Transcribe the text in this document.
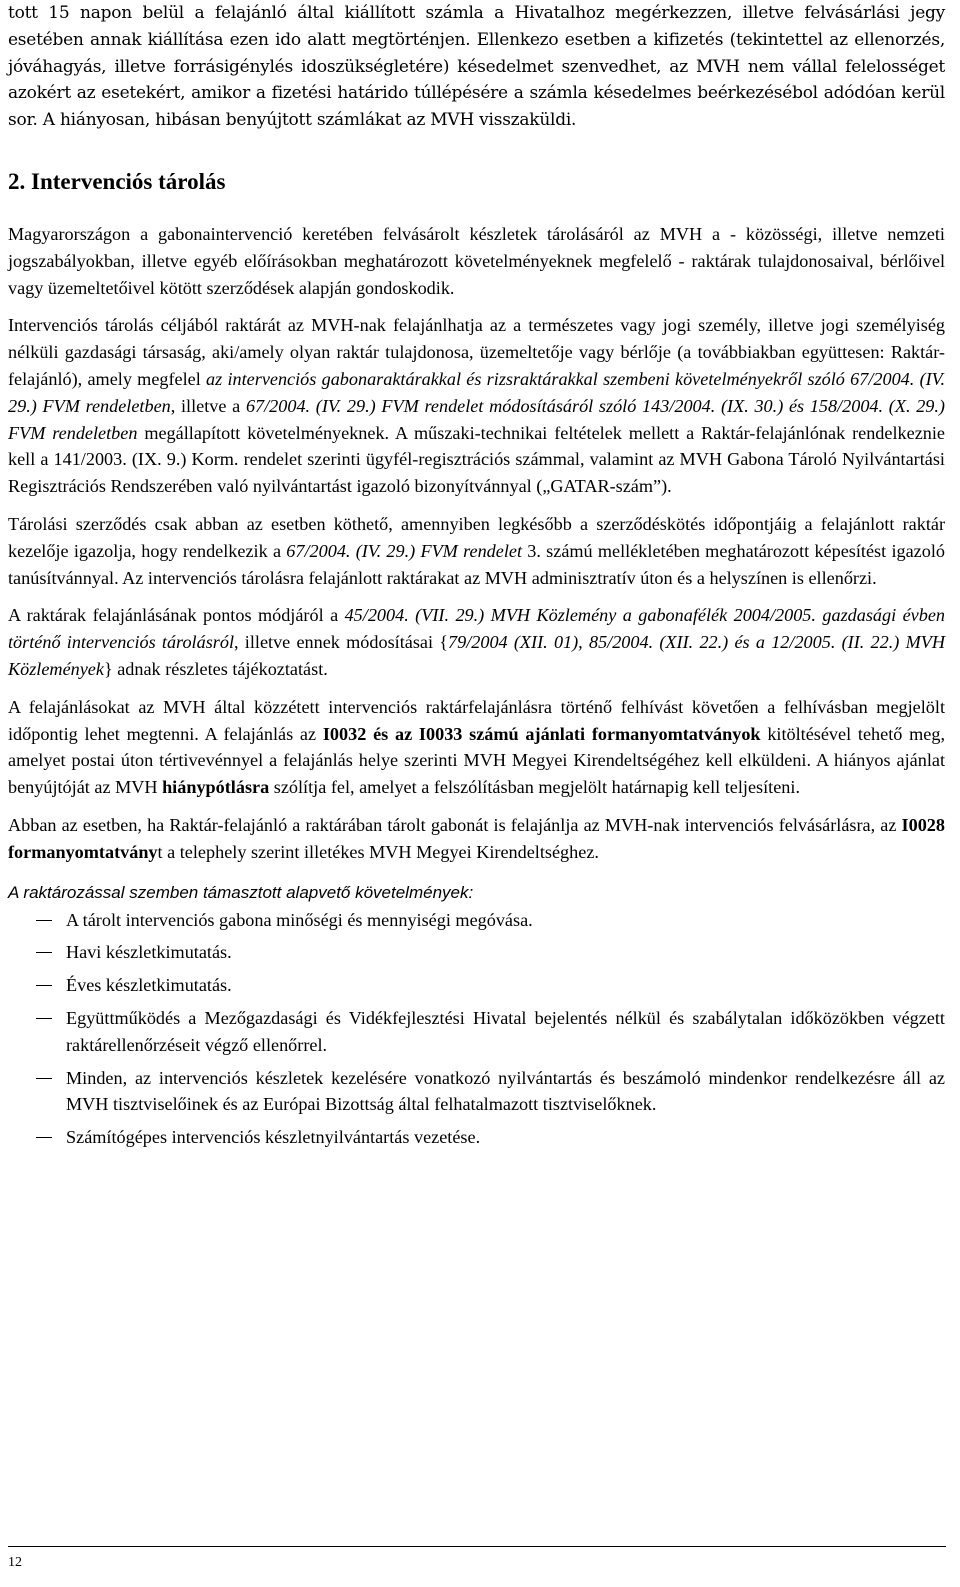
tott 15 napon belül a felajánló által kiállított számla a Hivatalhoz megérkezzen, illetve felvásárlási jegy esetében annak kiállítása ezen ido alatt megtörténjen. Ellenkezo esetben a kifizetés (tekintettel az ellenorzés, jóváhagyás, illetve forrásigénylés idoszükségletére) késedelmet szenvedhet, az MVH nem vállal felelosséget azokért az esetekért, amikor a fizetési határido túllépésére a számla késedelmes beérkezésébol adódóan kerül sor. A hiányosan, hibásan benyújtott számlákat az MVH visszaküldi.

2. Intervenciós tárolás

Magyarországon a gabonaintervenció keretében felvásárolt készletek tárolásáról az MVH a - közösségi, illetve nemzeti jogszabályokban, illetve egyéb előírásokban meghatározott követelményeknek megfelelő - raktárak tulajdonosaival, bérlőivel vagy üzemeltetőivel kötött szerződések alapján gondoskodik.

Intervenciós tárolás céljából raktárát az MVH-nak felajánlhatja az a természetes vagy jogi személy, illetve jogi személyiség nélküli gazdasági társaság, aki/amely olyan raktár tulajdonosa, üzemeltetője vagy bérlője (a továbbiakban együttesen: Raktár-felajánló), amely megfelel az intervenciós gabonaraktárakkal és rizsraktárakkal szembeni követelményekről szóló 67/2004. (IV. 29.) FVM rendeletben, illetve a 67/2004. (IV. 29.) FVM rendelet módosításáról szóló 143/2004. (IX. 30.) és 158/2004. (X. 29.) FVM rendeletben megállapított követelményeknek. A műszaki-technikai feltételek mellett a Raktár-felajánlónak rendelkeznie kell a 141/2003. (IX. 9.) Korm. rendelet szerinti ügyfél-regisztrációs számmal, valamint az MVH Gabona Tároló Nyilvántartási Regisztrációs Rendszerében való nyilvántartást igazoló bizonyítvánnyal („GATAR-szám”).

Tárolási szerződés csak abban az esetben köthető, amennyiben legkésőbb a szerződéskötés időpontjáig a felajánlott raktár kezelője igazolja, hogy rendelkezik a 67/2004. (IV. 29.) FVM rendelet 3. számú mellékletében meghatározott képesítést igazoló tanúsítvánnyal. Az intervenciós tárolásra felajánlott raktárakat az MVH adminisztratív úton és a helyszínen is ellenőrzi.

A raktárak felajánlásának pontos módjáról a 45/2004. (VII. 29.) MVH Közlemény a gabonafélék 2004/2005. gazdasági évben történő intervenciós tárolásról, illetve ennek módosításai {79/2004 (XII. 01), 85/2004. (XII. 22.) és a 12/2005. (II. 22.) MVH Közlemények} adnak részletes tájékoztatást.

A felajánlásokat az MVH által közzétett intervenciós raktárfelajánlásra történő felhívást követően a felhívásban megjelölt időpontig lehet megtenni. A felajánlás az I0032 és az I0033 számú ajánlati formanyomtatványok kitöltésével tehető meg, amelyet postai úton tértivevénnyel a felajánlás helye szerinti MVH Megyei Kirendeltségéhez kell elküldeni. A hiányos ajánlat benyújtóját az MVH hiánypótlásra szólítja fel, amelyet a felszólításban megjelölt határnapig kell teljesíteni.

Abban az esetben, ha Raktár-felajánló a raktárában tárolt gabonát is felajánlja az MVH-nak intervenciós felvásárlásra, az I0028 formanyomtatványt a telephely szerint illetékes MVH Megyei Kirendeltséghez.

A raktározással szemben támasztott alapvető követelmények:
A tárolt intervenciós gabona minőségi és mennyiségi megóvása.
Havi készletkimutatás.
Éves készletkimutatás.
Együttműködés a Mezőgazdasági és Vidékfejlesztési Hivatal bejelentés nélkül és szabálytalan időközökben végzett raktárellenőrzéseit végző ellenőrrel.
Minden, az intervenciós készletek kezelésére vonatkozó nyilvántartás és beszámoló mindenkor rendelkezésre áll az MVH tisztviselőinek és az Európai Bizottság által felhatalmazott tisztviselőknek.
Számítógépes intervenciós készletnyilvántartás vezetése.
12
